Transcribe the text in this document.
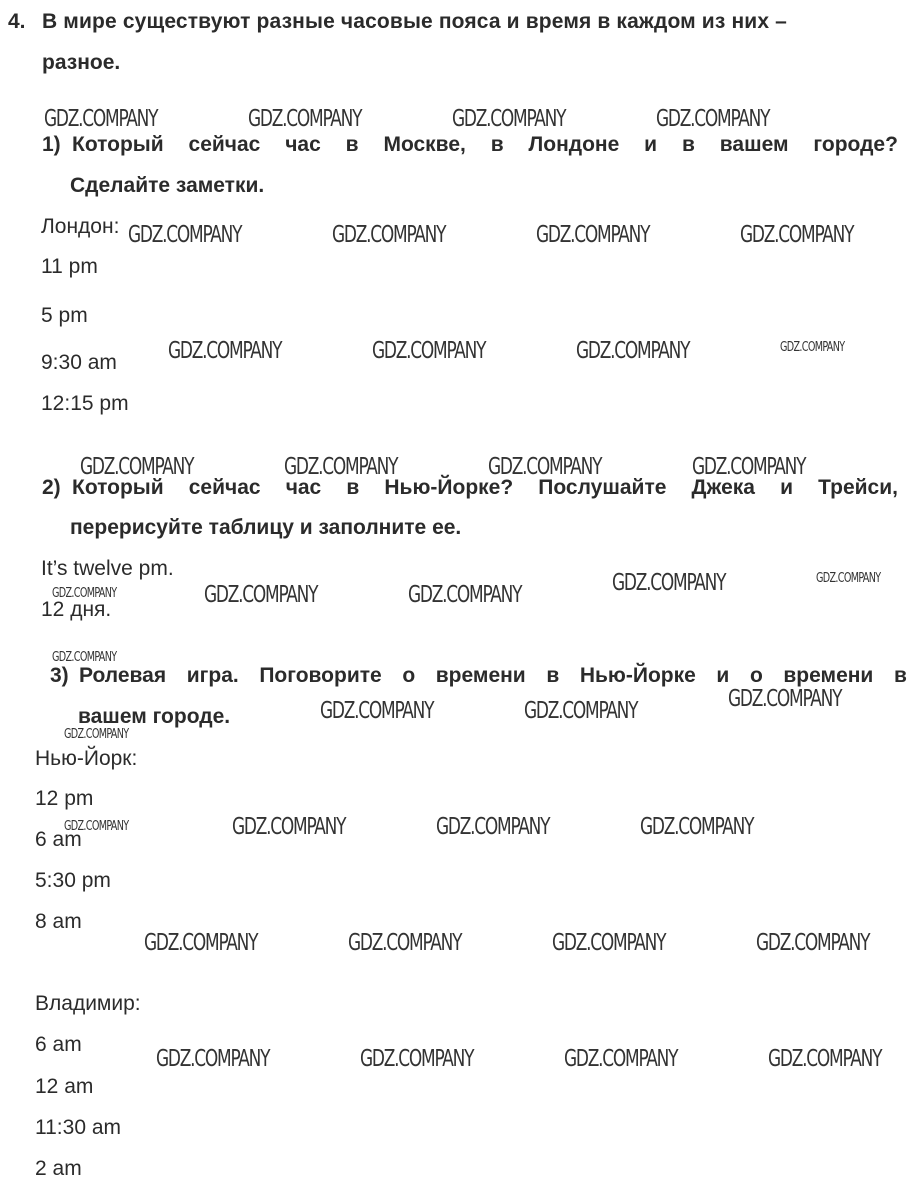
4. В мире существуют разные часовые пояса и время в каждом из них –
разное.
1) Который сейчас час в Москве, в Лондоне и в вашем городе?
Сделайте заметки.
Лондон:
11 pm
5 pm
9:30 am
12:15 pm
2) Который сейчас час в Нью-Йорке? Послушайте Джека и Трейси,
перерисуйте таблицу и заполните ее.
It’s twelve pm.
12 дня.
3) Ролевая игра. Поговорите о времени в Нью-Йорке и о времени в
вашем городе.
Нью-Йорк:
12 pm
6 am
5:30 pm
8 am
Владимир:
6 am
12 am
11:30 am
2 am
GDZ.COMPANY	GDZ.COMPANY	GDZ.COMPANY	GDZ.COMPANY
GDZ.COMPANY	GDZ.COMPANY	GDZ.COMPANY	GDZ.COMPANY
GDZ.COMPANY	GDZ.COMPANY	GDZ.COMPANY	GDZ.COMPANY
GDZ.COMPANY	GDZ.COMPANY	GDZ.COMPANY	GDZ.COMPANY
GDZ.COMPANY	GDZ.COMPANY
GDZ.COMPANY	GDZ.COMPANY	GDZ.COMPANY
GDZ.COMPANY
GDZ.COMPANY
GDZ.COMPANY	GDZ.COMPANY
GDZ.COMPANY
GDZ.COMPANY	GDZ.COMPANY	GDZ.COMPANY	GDZ.COMPANY
GDZ.COMPANY	GDZ.COMPANY	GDZ.COMPANY	GDZ.COMPANY
GDZ.COMPANY	GDZ.COMPANY	GDZ.COMPANY	GDZ.COMPANY
